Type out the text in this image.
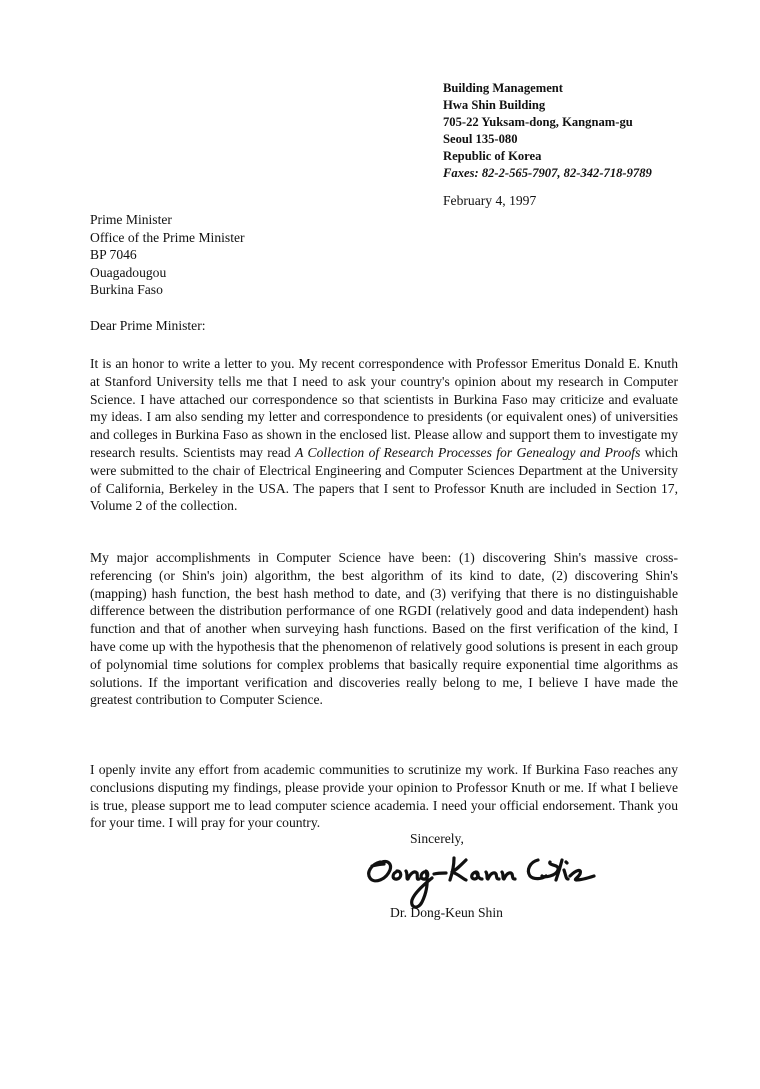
Building Management
Hwa Shin Building
705-22 Yuksam-dong, Kangnam-gu
Seoul 135-080
Republic of Korea
Faxes: 82-2-565-7907, 82-342-718-9789
February 4, 1997
Prime Minister
Office of the Prime Minister
BP 7046
Ouagadougou
Burkina Faso
Dear Prime Minister:

It is an honor to write a letter to you. My recent correspondence with Professor Emeritus Donald E. Knuth at Stanford University tells me that I need to ask your country's opinion about my research in Computer Science. I have attached our correspondence so that scientists in Burkina Faso may criticize and evaluate my ideas. I am also sending my letter and correspondence to presidents (or equivalent ones) of universities and colleges in Burkina Faso as shown in the enclosed list. Please allow and support them to investigate my research results. Scientists may read A Collection of Research Processes for Genealogy and Proofs which were submitted to the chair of Electrical Engineering and Computer Sciences Department at the University of California, Berkeley in the USA. The papers that I sent to Professor Knuth are included in Section 17, Volume 2 of the collection.

My major accomplishments in Computer Science have been: (1) discovering Shin's massive cross-referencing (or Shin's join) algorithm, the best algorithm of its kind to date, (2) discovering Shin's (mapping) hash function, the best hash method to date, and (3) verifying that there is no distinguishable difference between the distribution performance of one RGDI (relatively good and data independent) hash function and that of another when surveying hash functions. Based on the first verification of the kind, I have come up with the hypothesis that the phenomenon of relatively good solutions is present in each group of polynomial time solutions for complex problems that basically require exponential time algorithms as solutions. If the important verification and discoveries really belong to me, I believe I have made the greatest contribution to Computer Science.

I openly invite any effort from academic communities to scrutinize my work. If Burkina Faso reaches any conclusions disputing my findings, please provide your opinion to Professor Knuth or me. If what I believe is true, please support me to lead computer science academia. I need your official endorsement. Thank you for your time. I will pray for your country.

Sincerely,
Dr. Dong-Keun Shin
